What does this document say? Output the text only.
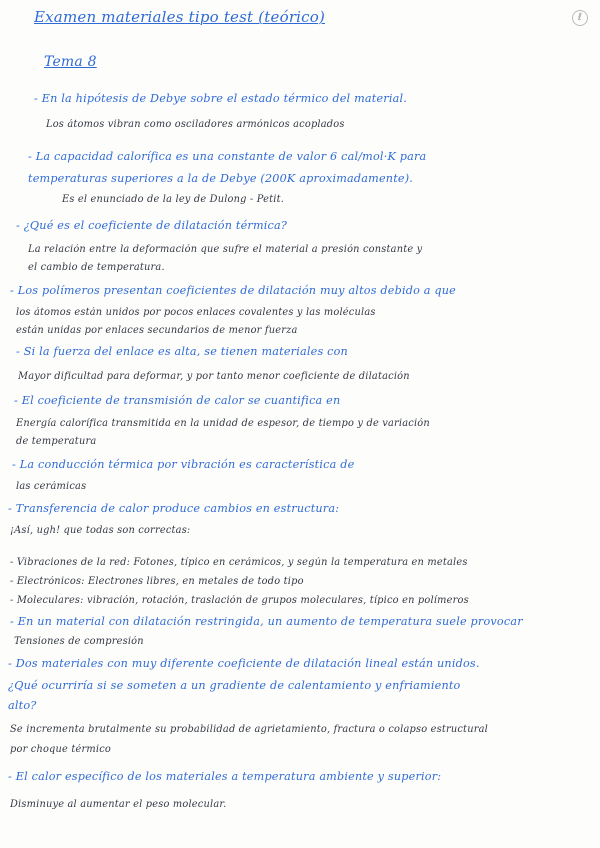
ℓ
Examen materiales tipo test (teórico)
Tema 8
- En la hipótesis de Debye sobre el estado térmico del material.
Los átomos vibran como osciladores armónicos acoplados
- La capacidad calorífica es una constante de valor 6 cal/mol·K para
temperaturas superiores a la de Debye (200K aproximadamente).
Es el enunciado de la ley de Dulong - Petit.
- ¿Qué es el coeficiente de dilatación térmica?
La relación entre la deformación que sufre el material a presión constante y
el cambio de temperatura.
- Los polímeros presentan coeficientes de dilatación muy altos debido a que
los átomos están unidos por pocos enlaces covalentes y las moléculas
están unidas por enlaces secundarios de menor fuerza
- Si la fuerza del enlace es alta, se tienen materiales con
Mayor dificultad para deformar, y por tanto menor coeficiente de dilatación
- El coeficiente de transmisión de calor se cuantifica en
Energía calorífica transmitida en la unidad de espesor, de tiempo y de variación
de temperatura
- La conducción térmica por vibración es característica de
las cerámicas
- Transferencia de calor produce cambios en estructura:
¡Así, ugh! que todas son correctas:
- Vibraciones de la red: Fotones, típico en cerámicos, y según la temperatura en metales
- Electrónicos: Electrones libres, en metales de todo tipo
- Moleculares: vibración, rotación, traslación de grupos moleculares, típico en polímeros
- En un material con dilatación restringida, un aumento de temperatura suele provocar
Tensiones de compresión
- Dos materiales con muy diferente coeficiente de dilatación lineal están unidos.
¿Qué ocurriría si se someten a un gradiente de calentamiento y enfriamiento
alto?
Se incrementa brutalmente su probabilidad de agrietamiento, fractura o colapso estructural
por choque térmico
- El calor específico de los materiales a temperatura ambiente y superior:
Disminuye al aumentar el peso molecular.
